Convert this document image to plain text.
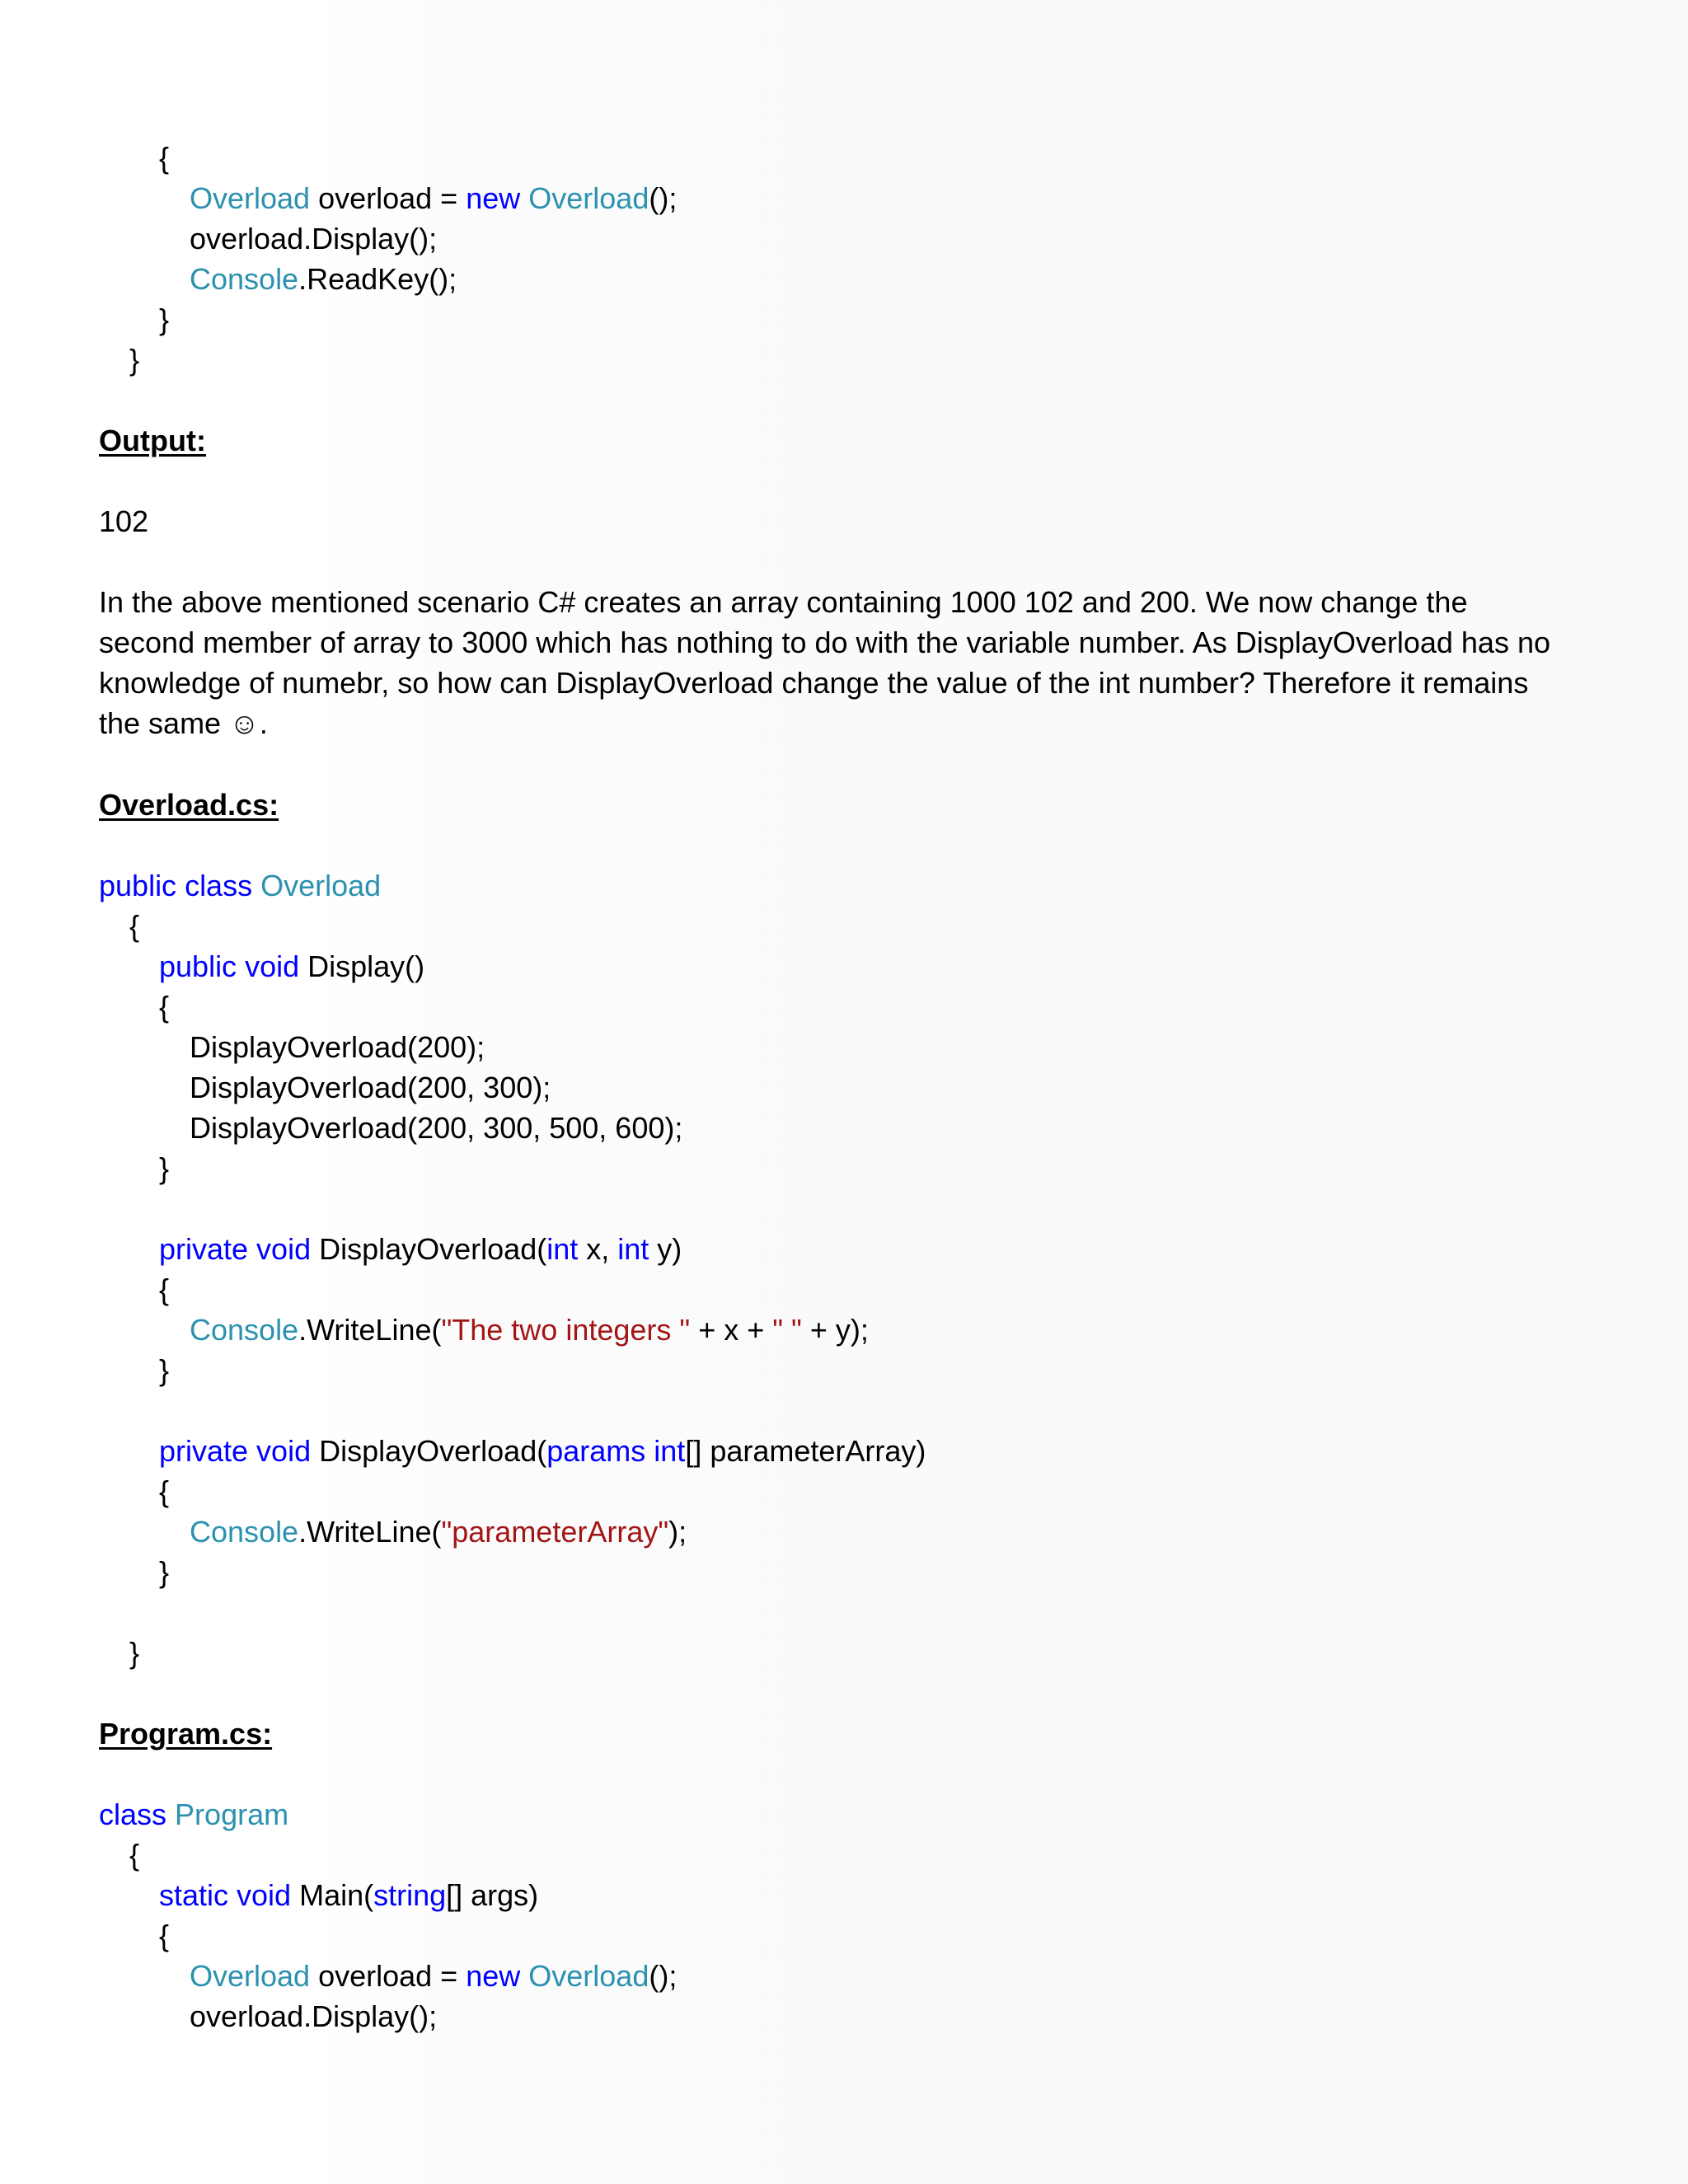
{
Overload overload = new Overload();
overload.Display();
Console.ReadKey();
}
}
Output:
102

In the above mentioned scenario C# creates an array containing 1000 102 and 200. We now change the second member of array to 3000 which has nothing to do with the variable number. As DisplayOverload has no knowledge of numebr, so how can DisplayOverload change the value of the int number? Therefore it remains the same ☺.

Overload.cs:
public class Overload
{
public void Display()
{
DisplayOverload(200);
DisplayOverload(200, 300);
DisplayOverload(200, 300, 500, 600);
}
private void DisplayOverload(int x, int y)
{
Console.WriteLine("The two integers " + x + " " + y);
}
private void DisplayOverload(params int[] parameterArray)
{
Console.WriteLine("parameterArray");
}
}
Program.cs:
class Program
{
static void Main(string[] args)
{
Overload overload = new Overload();
overload.Display();
